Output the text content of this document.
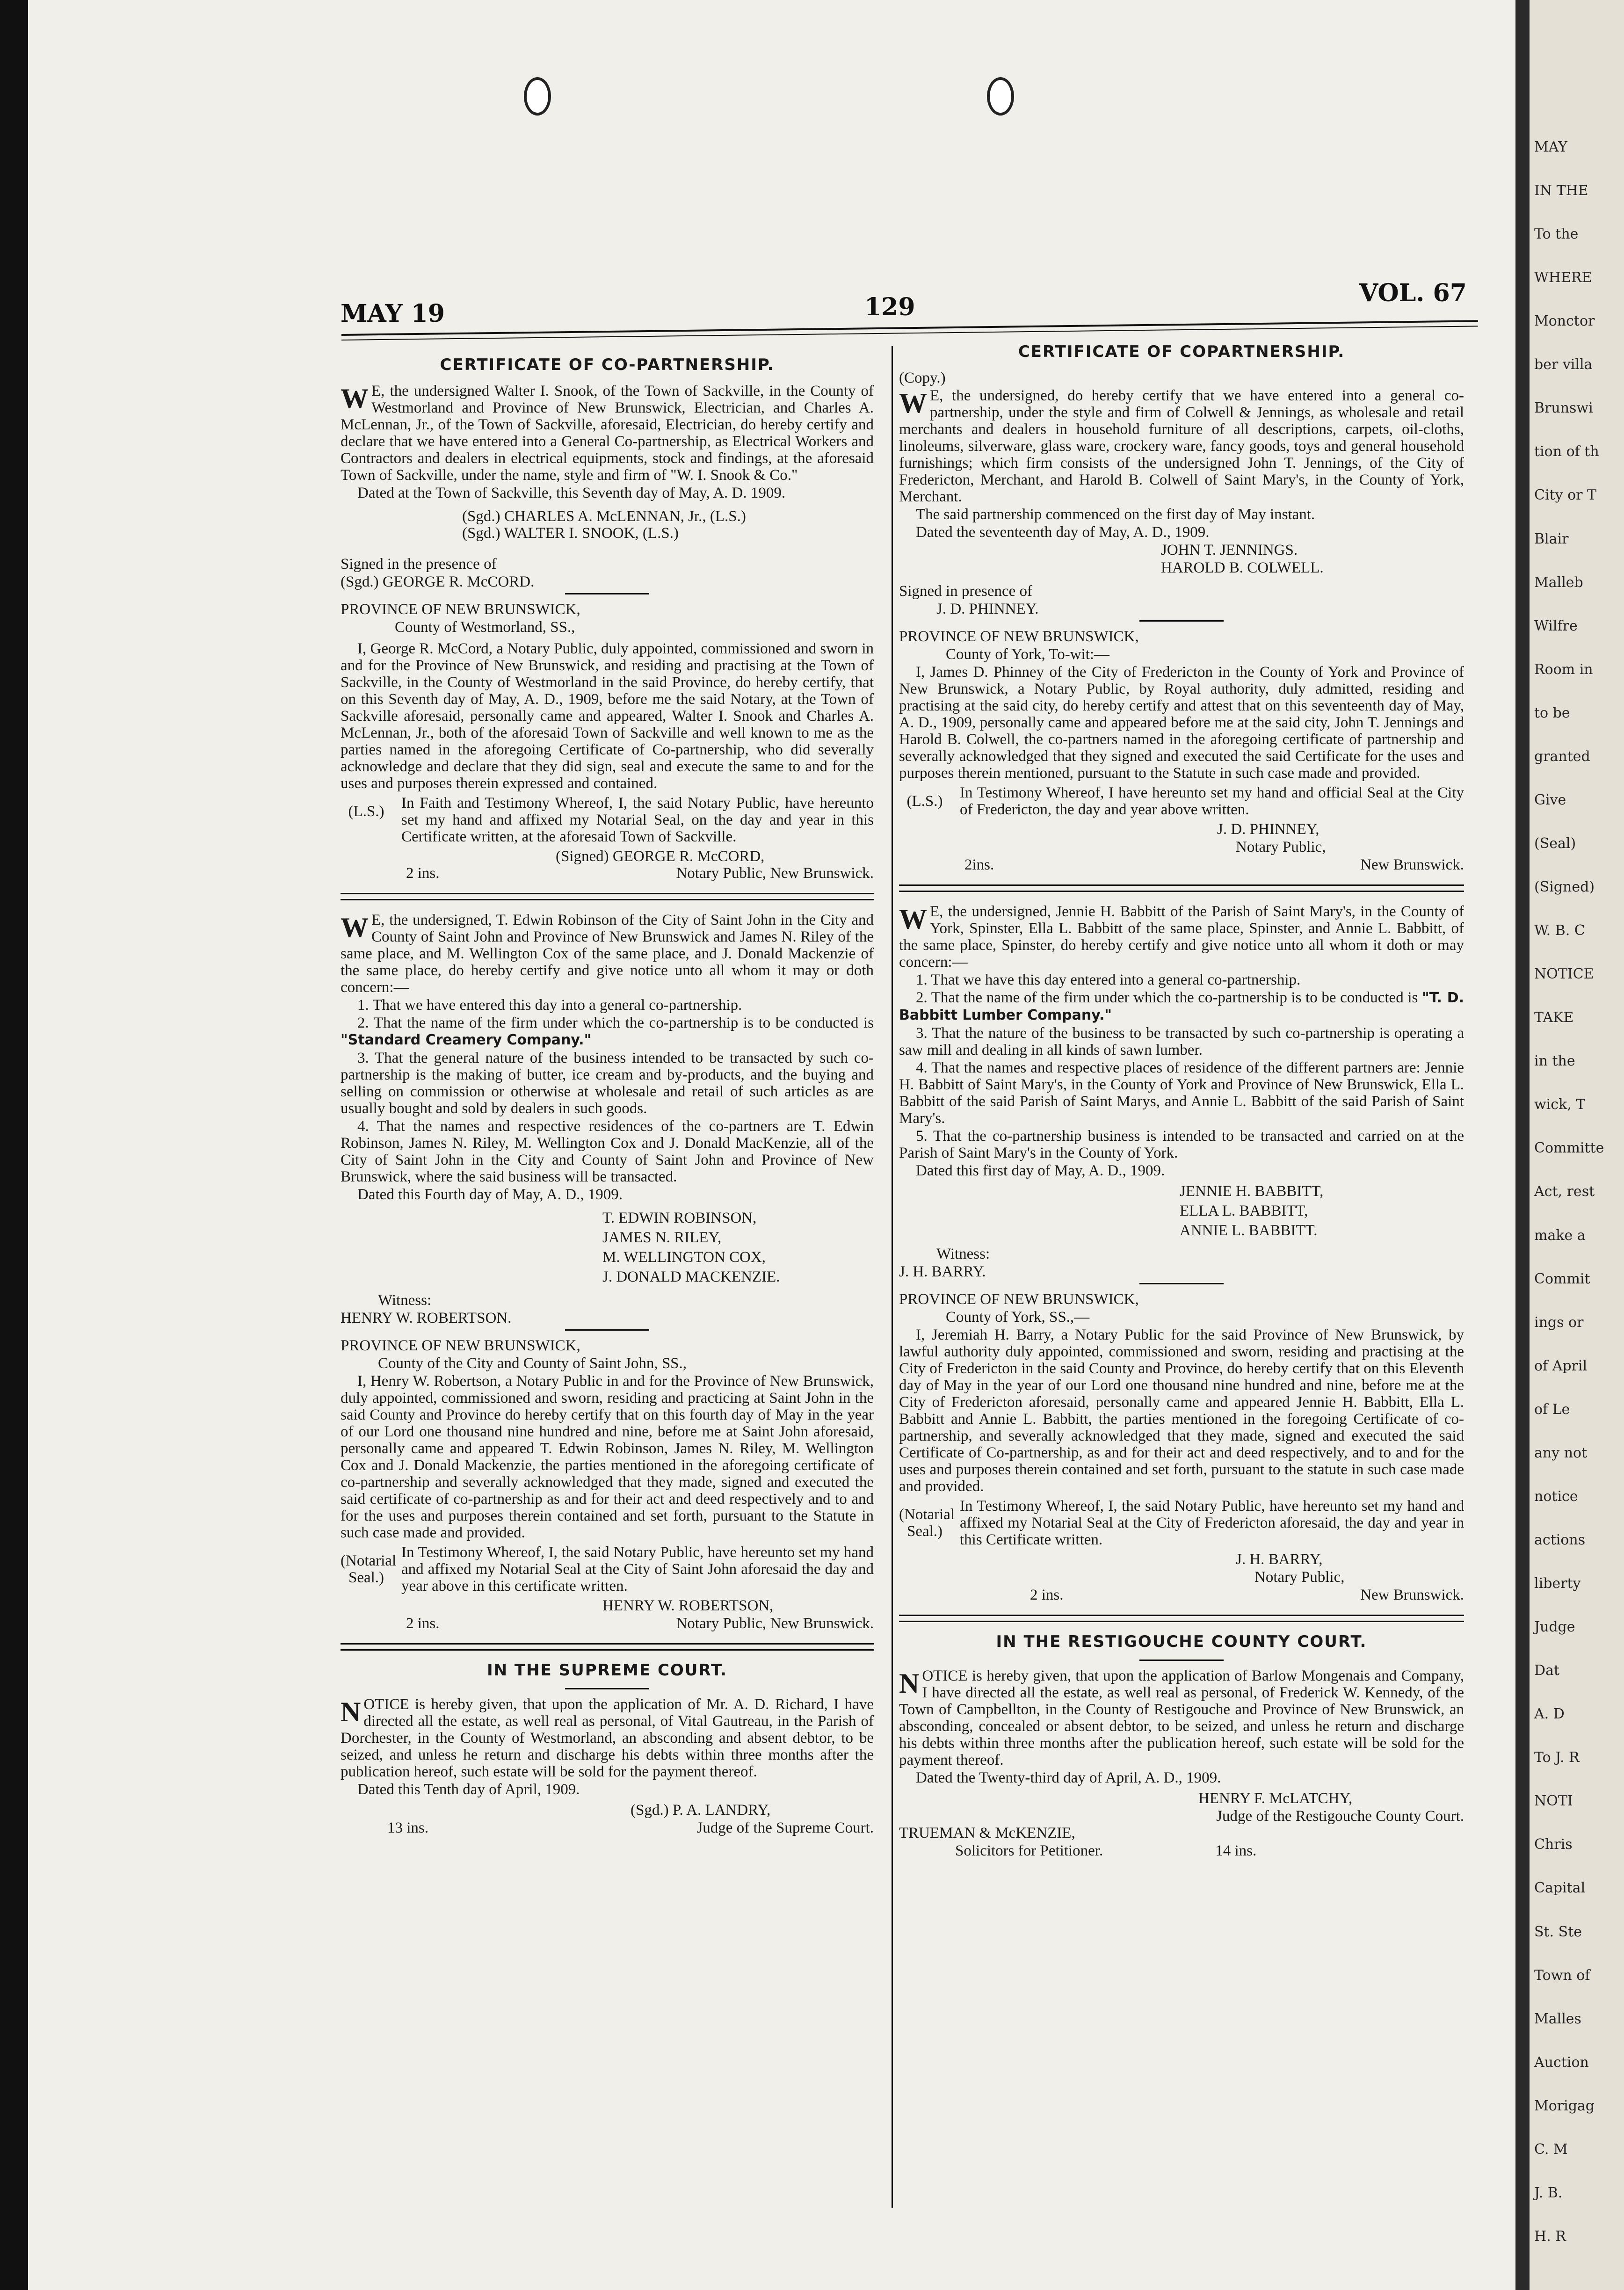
MAY 19	129	VOL. 67

CERTIFICATE OF CO-PARTNERSHIP.

W E, the undersigned Walter I. Snook, of the Town of Sackville, in the County of Westmorland and Province of New Brunswick, Electrician, and Charles A. McLennan, Jr., of the Town of Sackville, aforesaid, Electrician, do hereby certify and declare that we have entered into a General Co-partnership, as Electrical Workers and Contractors and dealers in electrical equipments, stock and findings, at the aforesaid Town of Sackville, under the name, style and firm of "W. I. Snook & Co."

Dated at the Town of Sackville, this Seventh day of May, A. D. 1909.

(Sgd.) CHARLES A. McLENNAN, Jr., (L.S.)

(Sgd.) WALTER I. SNOOK, (L.S.)

Signed in the presence of

(Sgd.) GEORGE R. McCORD.

PROVINCE OF NEW BRUNSWICK,

County of Westmorland, SS.,

I, George R. McCord, a Notary Public, duly appointed, commissioned and sworn in and for the Province of New Brunswick, and residing and practising at the Town of Sackville, in the County of Westmorland in the said Province, do hereby certify, that on this Seventh day of May, A. D., 1909, before me the said Notary, at the Town of Sackville aforesaid, personally came and appeared, Walter I. Snook and Charles A. McLennan, Jr., both of the aforesaid Town of Sackville and well known to me as the parties named in the aforegoing Certificate of Co-partnership, who did severally acknowledge and declare that they did sign, seal and execute the same to and for the uses and purposes therein expressed and contained.

(L.S.)	In Faith and Testimony Whereof, I, the said Notary Public, have hereunto set my hand and affixed my Notarial Seal, on the day and year in this Certificate written, at the aforesaid Town of Sackville.

(Signed) GEORGE R. McCORD,

2 ins.	Notary Public, New Brunswick.

W E, the undersigned, T. Edwin Robinson of the City of Saint John in the City and County of Saint John and Province of New Brunswick and James N. Riley of the same place, and M. Wellington Cox of the same place, and J. Donald Mackenzie of the same place, do hereby certify and give notice unto all whom it may or doth concern:—

1. That we have entered this day into a general co-partnership.

2. That the name of the firm under which the co-partnership is to be conducted is "Standard Creamery Company."

3. That the general nature of the business intended to be transacted by such co-partnership is the making of butter, ice cream and by-products, and the buying and selling on commission or otherwise at wholesale and retail of such articles as are usually bought and sold by dealers in such goods.

4. That the names and respective residences of the co-partners are T. Edwin Robinson, James N. Riley, M. Wellington Cox and J. Donald MacKenzie, all of the City of Saint John in the City and County of Saint John and Province of New Brunswick, where the said business will be transacted.

Dated this Fourth day of May, A. D., 1909.

T. EDWIN ROBINSON,

JAMES N. RILEY,

M. WELLINGTON COX,

J. DONALD MACKENZIE.

Witness:

HENRY W. ROBERTSON.

PROVINCE OF NEW BRUNSWICK,

County of the City and County of Saint John, SS.,

I, Henry W. Robertson, a Notary Public in and for the Province of New Brunswick, duly appointed, commissioned and sworn, residing and practicing at Saint John in the said County and Province do hereby certify that on this fourth day of May in the year of our Lord one thousand nine hundred and nine, before me at Saint John aforesaid, personally came and appeared T. Edwin Robinson, James N. Riley, M. Wellington Cox and J. Donald Mackenzie, the parties mentioned in the aforegoing certificate of co-partnership and severally acknowledged that they made, signed and executed the said certificate of co-partnership as and for their act and deed respectively and to and for the uses and purposes therein contained and set forth, pursuant to the Statute in such case made and provided.

(Notarial Seal.)
In Testimony Whereof, I, the said Notary Public, have hereunto set my hand and affixed my Notarial Seal at the City of Saint John aforesaid the day and year above in this certificate written.

HENRY W. ROBERTSON,

2 ins.	Notary Public, New Brunswick.

IN THE SUPREME COURT.

NOTICE is hereby given, that upon the application of Mr. A. D. Richard, I have directed all the estate, as well real as personal, of Vital Gautreau, in the Parish of Dorchester, in the County of Westmorland, an absconding and absent debtor, to be seized, and unless he return and discharge his debts within three months after the publication hereof, such estate will be sold for the payment thereof.

Dated this Tenth day of April, 1909.

(Sgd.) P. A. LANDRY,

13 ins.	Judge of the Supreme Court.

CERTIFICATE OF COPARTNERSHIP.

(Copy.)

W E, the undersigned, do hereby certify that we have entered into a general co-partnership, under the style and firm of Colwell & Jennings, as wholesale and retail merchants and dealers in household furniture of all descriptions, carpets, oil-cloths, linoleums, silverware, glass ware, crockery ware, fancy goods, toys and general household furnishings; which firm consists of the undersigned John T. Jennings, of the City of Fredericton, Merchant, and Harold B. Colwell of Saint Mary's, in the County of York, Merchant.

The said partnership commenced on the first day of May instant.

Dated the seventeenth day of May, A. D., 1909.

JOHN T. JENNINGS.

HAROLD B. COLWELL.

Signed in presence of

J. D. PHINNEY.

PROVINCE OF NEW BRUNSWICK,

County of York, To-wit:—

I, James D. Phinney of the City of Fredericton in the County of York and Province of New Brunswick, a Notary Public, by Royal authority, duly admitted, residing and practising at the said city, do hereby certify and attest that on this seventeenth day of May, A. D., 1909, personally came and appeared before me at the said city, John T. Jennings and Harold B. Colwell, the co-partners named in the aforegoing certificate of partnership and severally acknowledged that they signed and executed the said Certificate for the uses and purposes therein mentioned, pursuant to the Statute in such case made and provided.

(L.S.)	In Testimony Whereof, I have hereunto set my hand and official Seal at the City of Fredericton, the day and year above written.

J. D. PHINNEY,

Notary Public,

2ins.	New Brunswick.

W E, the undersigned, Jennie H. Babbitt of the Parish of Saint Mary's, in the County of York, Spinster, Ella L. Babbitt of the same place, Spinster, and Annie L. Babbitt, of the same place, Spinster, do hereby certify and give notice unto all whom it doth or may concern:—

1. That we have this day entered into a general co-partnership.

2. That the name of the firm under which the co-partnership is to be conducted is "T. D. Babbitt Lumber Company."

3. That the nature of the business to be transacted by such co-partnership is operating a saw mill and dealing in all kinds of sawn lumber.

4. That the names and respective places of residence of the different partners are: Jennie H. Babbitt of Saint Mary's, in the County of York and Province of New Brunswick, Ella L. Babbitt of the said Parish of Saint Marys, and Annie L. Babbitt of the said Parish of Saint Mary's.

5. That the co-partnership business is intended to be transacted and carried on at the Parish of Saint Mary's in the County of York.

Dated this first day of May, A. D., 1909.

JENNIE H. BABBITT,

ELLA L. BABBITT,

ANNIE L. BABBITT.

Witness:

J. H. BARRY.

PROVINCE OF NEW BRUNSWICK,

County of York, SS.,—

I, Jeremiah H. Barry, a Notary Public for the said Province of New Brunswick, by lawful authority duly appointed, commissioned and sworn, residing and practising at the City of Fredericton in the said County and Province, do hereby certify that on this Eleventh day of May in the year of our Lord one thousand nine hundred and nine, before me at the City of Fredericton aforesaid, personally came and appeared Jennie H. Babbitt, Ella L. Babbitt and Annie L. Babbitt, the parties mentioned in the foregoing Certificate of co-partnership, and severally acknowledged that they made, signed and executed the said Certificate of Co-partnership, as and for their act and deed respectively, and to and for the uses and purposes therein contained and set forth, pursuant to the statute in such case made and provided.

(Notarial Seal.)
In Testimony Whereof, I, the said Notary Public, have hereunto set my hand and affixed my Notarial Seal at the City of Fredericton aforesaid, the day and year in this Certificate written.

J. H. BARRY,

Notary Public,

2 ins.	New Brunswick.

IN THE RESTIGOUCHE COUNTY COURT.

NOTICE is hereby given, that upon the application of Barlow Mongenais and Company, I have directed all the estate, as well real as personal, of Frederick W. Kennedy, of the Town of Campbellton, in the County of Restigouche and Province of New Brunswick, an absconding, concealed or absent debtor, to be seized, and unless he return and discharge his debts within three months after the publication hereof, such estate will be sold for the payment thereof.

Dated the Twenty-third day of April, A. D., 1909.

HENRY F. McLATCHY,

Judge of the Restigouche County Court.

TRUEMAN & McKENZIE,

Solicitors for Petitioner.	14 ins.
MAY
IN THE
To the
WHERE
Monctor
ber villa
Brunswi
tion of th
City or T
Blair
Malleb
Wilfre
Room in
to be
granted
Give
(Seal)
(Signed)
W. B. C
NOTICE
TAKE
in the
wick, T
Committe
Act, rest
make a
Commit
ings or
of April
of Le
any not
notice
actions
liberty
Judge
Dat
A. D
To J. R
NOTI
Chris
Capital
St. Ste
Town of
Malles
Auction
Morigag
C. M
J. B.
H. R
